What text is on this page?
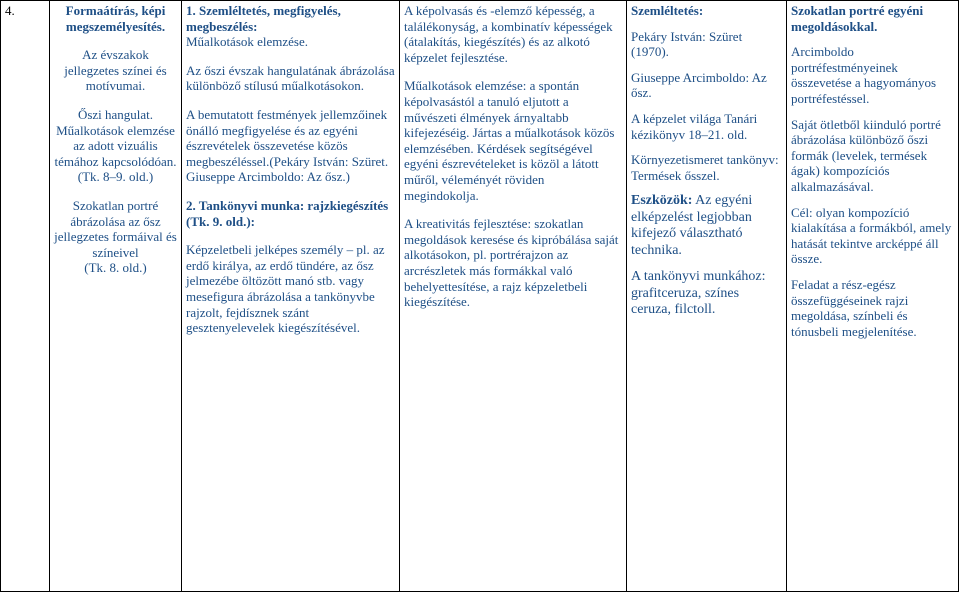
4.	Formaátírás, képi megszemélyesítés.
Az évszakok jellegzetes színei és motívumai.
Őszi hangulat.
Műalkotások elemzése az adott vizuális témához kapcsolódóan.
(Tk. 8–9. old.)
Szokatlan portré ábrázolása az ősz jellegzetes formáival és színeivel
(Tk. 8. old.)

1. Szemléltetés, megfigyelés, megbeszélés:
Műalkotások elemzése.
Az őszi évszak hangulatának ábrázolása különböző stílusú műalkotásokon.
A bemutatott festmények jellemzőinek önálló megfigyelése és az egyéni észrevételek összevetése közös megbeszéléssel.(Pekáry István: Szüret. Giuseppe Arcimboldo: Az ősz.)
2. Tankönyvi munka: rajzkiegészítés (Tk. 9. old.):
Képzeletbeli jelképes személy – pl. az erdő királya, az erdő tündére, az ősz jelmezébe öltözött manó stb. vagy mesefigura ábrázolása a tankönyvbe rajzolt, fejdísznek szánt gesztenyelevelek kiegészítésével.

A képolvasás és -elemző képesség, a találékonyság, a kombinatív képességek (átalakítás, kiegészítés) és az alkotó képzelet fejlesztése.
Műalkotások elemzése: a spontán képolvasástól a tanuló eljutott a művészeti élmények árnyaltabb kifejezéséig. Jártas a műalkotások közös elemzésében. Kérdések segítségével egyéni észrevételeket is közöl a látott műről, véleményét röviden megindokolja.
A kreativitás fejlesztése: szokatlan megoldások keresése és kipróbálása saját alkotásokon, pl. portrérajzon az arcrészletek más formákkal való behelyettesítése, a rajz képzeletbeli kiegészítése.

Szemléltetés:
Pekáry István: Szüret (1970).
Giuseppe Arcimboldo: Az ősz.
A képzelet világa Tanári kézikönyv 18–21. old.
Környezetismeret tankönyv: Termések ősszel.
Eszközök: Az egyéni elképzelést legjobban kifejező választható technika.
A tankönyvi munkához: grafitceruza, színes ceruza, filctoll.

Szokatlan portré egyéni megoldásokkal.
Arcimboldo portréfestményeinek összevetése a hagyományos portréfestéssel.
Saját ötletből kiinduló portré ábrázolása különböző őszi formák (levelek, termések ágak) kompozíciós alkalmazásával.
Cél: olyan kompozíció kialakítása a formákból, amely hatását tekintve arcképpé áll össze.
Feladat a rész-egész összefüggéseinek rajzi megoldása, színbeli és tónusbeli megjelenítése.
